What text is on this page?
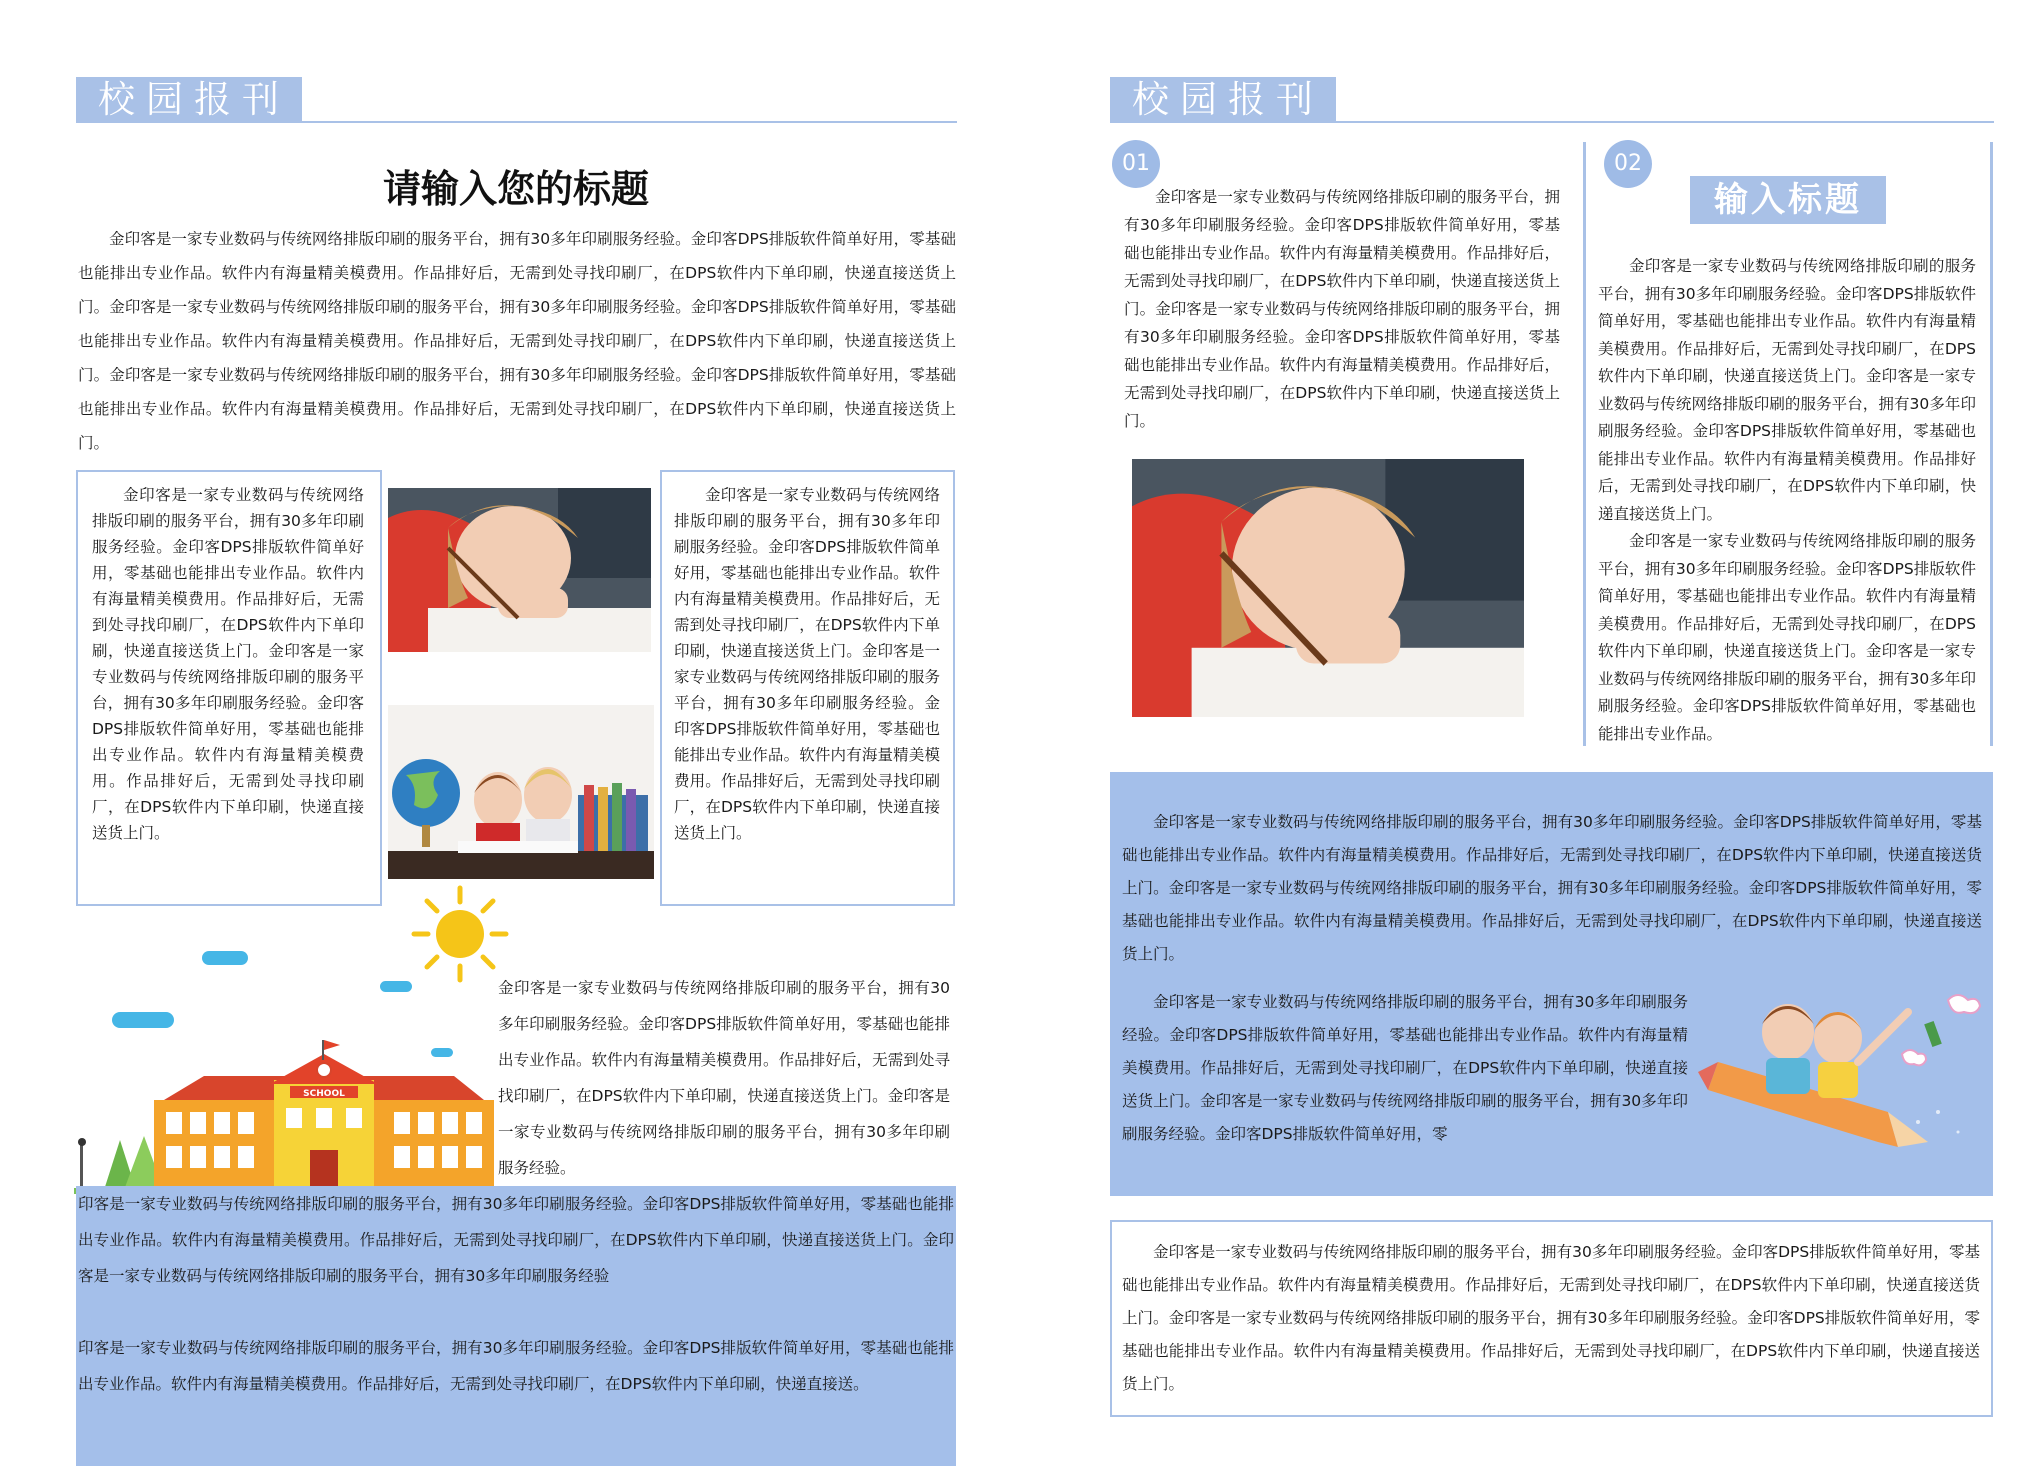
校园报刊
请输入您的标题
金印客是一家专业数码与传统网络排版印刷的服务平台，拥有30多年印刷服务经验。金印客DPS排版软件简单好用，零基础也能排出专业作品。软件内有海量精美模费用。作品排好后，无需到处寻找印刷厂，在DPS软件内下单印刷，快递直接送货上门。金印客是一家专业数码与传统网络排版印刷的服务平台，拥有30多年印刷服务经验。金印客DPS排版软件简单好用，零基础也能排出专业作品。软件内有海量精美模费用。作品排好后，无需到处寻找印刷厂，在DPS软件内下单印刷，快递直接送货上门。金印客是一家专业数码与传统网络排版印刷的服务平台，拥有30多年印刷服务经验。金印客DPS排版软件简单好用，零基础也能排出专业作品。软件内有海量精美模费用。作品排好后，无需到处寻找印刷厂，在DPS软件内下单印刷，快递直接送货上门。
金印客是一家专业数码与传统网络排版印刷的服务平台，拥有30多年印刷服务经验。金印客DPS排版软件简单好用，零基础也能排出专业作品。软件内有海量精美模费用。作品排好后，无需到处寻找印刷厂，在DPS软件内下单印刷，快递直接送货上门。金印客是一家专业数码与传统网络排版印刷的服务平台，拥有30多年印刷服务经验。金印客DPS排版软件简单好用，零基础也能排出专业作品。软件内有海量精美模费用。作品排好后，无需到处寻找印刷厂，在DPS软件内下单印刷，快递直接送货上门。
金印客是一家专业数码与传统网络排版印刷的服务平台，拥有30多年印刷服务经验。金印客DPS排版软件简单好用，零基础也能排出专业作品。软件内有海量精美模费用。作品排好后，无需到处寻找印刷厂，在DPS软件内下单印刷，快递直接送货上门。金印客是一家专业数码与传统网络排版印刷的服务平台，拥有30多年印刷服务经验。金印客DPS排版软件简单好用，零基础也能排出专业作品。软件内有海量精美模费用。作品排好后，无需到处寻找印刷厂，在DPS软件内下单印刷，快递直接送货上门。
SCHOOL
金印客是一家专业数码与传统网络排版印刷的服务平台，拥有30多年印刷服务经验。金印客DPS排版软件简单好用，零基础也能排出专业作品。软件内有海量精美模费用。作品排好后，无需到处寻找印刷厂，在DPS软件内下单印刷，快递直接送货上门。金印客是一家专业数码与传统网络排版印刷的服务平台，拥有30多年印刷服务经验。

印客是一家专业数码与传统网络排版印刷的服务平台，拥有30多年印刷服务经验。金印客DPS排版软件简单好用，零基础也能排出专业作品。软件内有海量精美模费用。作品排好后，无需到处寻找印刷厂，在DPS软件内下单印刷，快递直接送货上门。金印客是一家专业数码与传统网络排版印刷的服务平台，拥有30多年印刷服务经验
印客是一家专业数码与传统网络排版印刷的服务平台，拥有30多年印刷服务经验。金印客DPS排版软件简单好用，零基础也能排出专业作品。软件内有海量精美模费用。作品排好后，无需到处寻找印刷厂，在DPS软件内下单印刷，快递直接送。
校园报刊
01	02
金印客是一家专业数码与传统网络排版印刷的服务平台，拥有30多年印刷服务经验。金印客DPS排版软件简单好用，零基础也能排出专业作品。软件内有海量精美模费用。作品排好后，无需到处寻找印刷厂，在DPS软件内下单印刷，快递直接送货上门。金印客是一家专业数码与传统网络排版印刷的服务平台，拥有30多年印刷服务经验。金印客DPS排版软件简单好用，零基础也能排出专业作品。软件内有海量精美模费用。作品排好后，无需到处寻找印刷厂，在DPS软件内下单印刷，快递直接送货上门。
输入标题
金印客是一家专业数码与传统网络排版印刷的服务平台，拥有30多年印刷服务经验。金印客DPS排版软件简单好用，零基础也能排出专业作品。软件内有海量精美模费用。作品排好后，无需到处寻找印刷厂，在DPS软件内下单印刷，快递直接送货上门。金印客是一家专业数码与传统网络排版印刷的服务平台，拥有30多年印刷服务经验。金印客DPS排版软件简单好用，零基础也能排出专业作品。软件内有海量精美模费用。作品排好后，无需到处寻找印刷厂，在DPS软件内下单印刷，快递直接送货上门。
金印客是一家专业数码与传统网络排版印刷的服务平台，拥有30多年印刷服务经验。金印客DPS排版软件简单好用，零基础也能排出专业作品。软件内有海量精美模费用。作品排好后，无需到处寻找印刷厂，在DPS软件内下单印刷，快递直接送货上门。金印客是一家专业数码与传统网络排版印刷的服务平台，拥有30多年印刷服务经验。金印客DPS排版软件简单好用，零基础也能排出专业作品。
金印客是一家专业数码与传统网络排版印刷的服务平台，拥有30多年印刷服务经验。金印客DPS排版软件简单好用，零基础也能排出专业作品。软件内有海量精美模费用。作品排好后，无需到处寻找印刷厂，在DPS软件内下单印刷，快递直接送货上门。金印客是一家专业数码与传统网络排版印刷的服务平台，拥有30多年印刷服务经验。金印客DPS排版软件简单好用，零基础也能排出专业作品。软件内有海量精美模费用。作品排好后，无需到处寻找印刷厂，在DPS软件内下单印刷，快递直接送货上门。
金印客是一家专业数码与传统网络排版印刷的服务平台，拥有30多年印刷服务经验。金印客DPS排版软件简单好用，零基础也能排出专业作品。软件内有海量精美模费用。作品排好后，无需到处寻找印刷厂，在DPS软件内下单印刷，快递直接送货上门。金印客是一家专业数码与传统网络排版印刷的服务平台，拥有30多年印刷服务经验。金印客DPS排版软件简单好用，零
金印客是一家专业数码与传统网络排版印刷的服务平台，拥有30多年印刷服务经验。金印客DPS排版软件简单好用，零基础也能排出专业作品。软件内有海量精美模费用。作品排好后，无需到处寻找印刷厂，在DPS软件内下单印刷，快递直接送货上门。金印客是一家专业数码与传统网络排版印刷的服务平台，拥有30多年印刷服务经验。金印客DPS排版软件简单好用，零基础也能排出专业作品。软件内有海量精美模费用。作品排好后，无需到处寻找印刷厂，在DPS软件内下单印刷，快递直接送货上门。
